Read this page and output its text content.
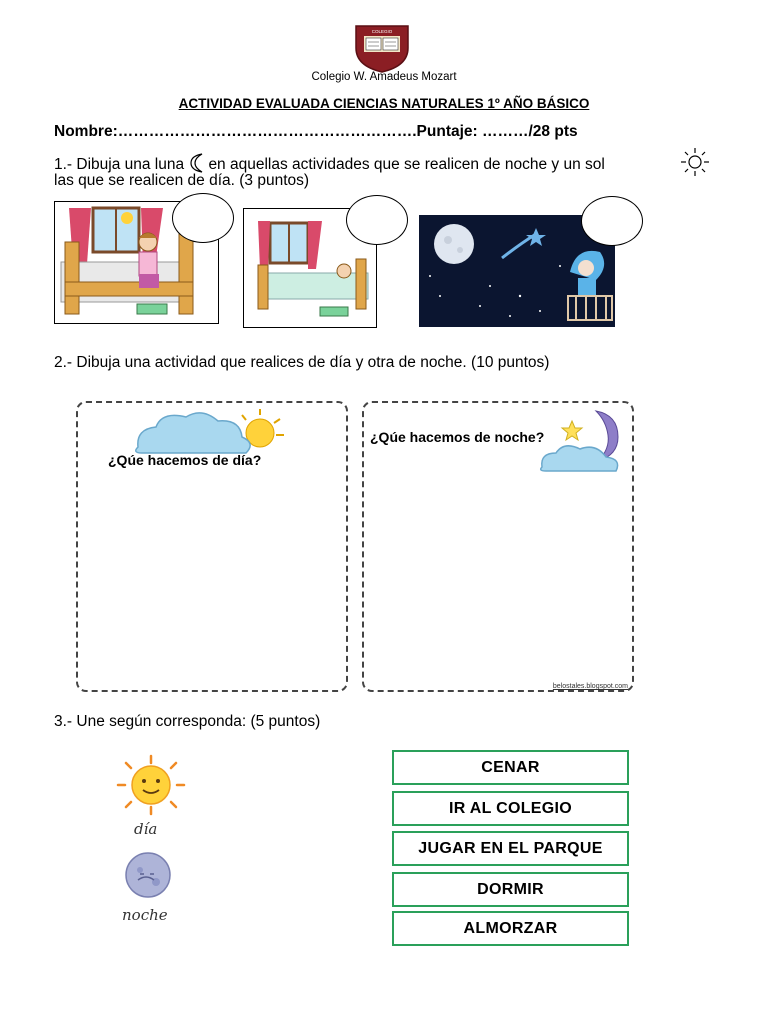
COLEGIO
Colegio W. Amadeus Mozart
ACTIVIDAD EVALUADA CIENCIAS NATURALES 1º AÑO BÁSICO
Nombre:………………………………………………….Puntaje: ………/28 pts
1.- Dibuja una luna en aquellas actividades que se realicen de noche y un sol
las que se realicen de día. (3 puntos)
2.- Dibuja una actividad que realices de día y otra de noche. (10 puntos)
¿Qúe hacemos de día?
¿Qúe hacemos de noche?
belostales.blogspot.com
3.- Une según corresponda: (5 puntos)
día
noche
CENAR
IR AL COLEGIO
JUGAR EN EL PARQUE
DORMIR
ALMORZAR
